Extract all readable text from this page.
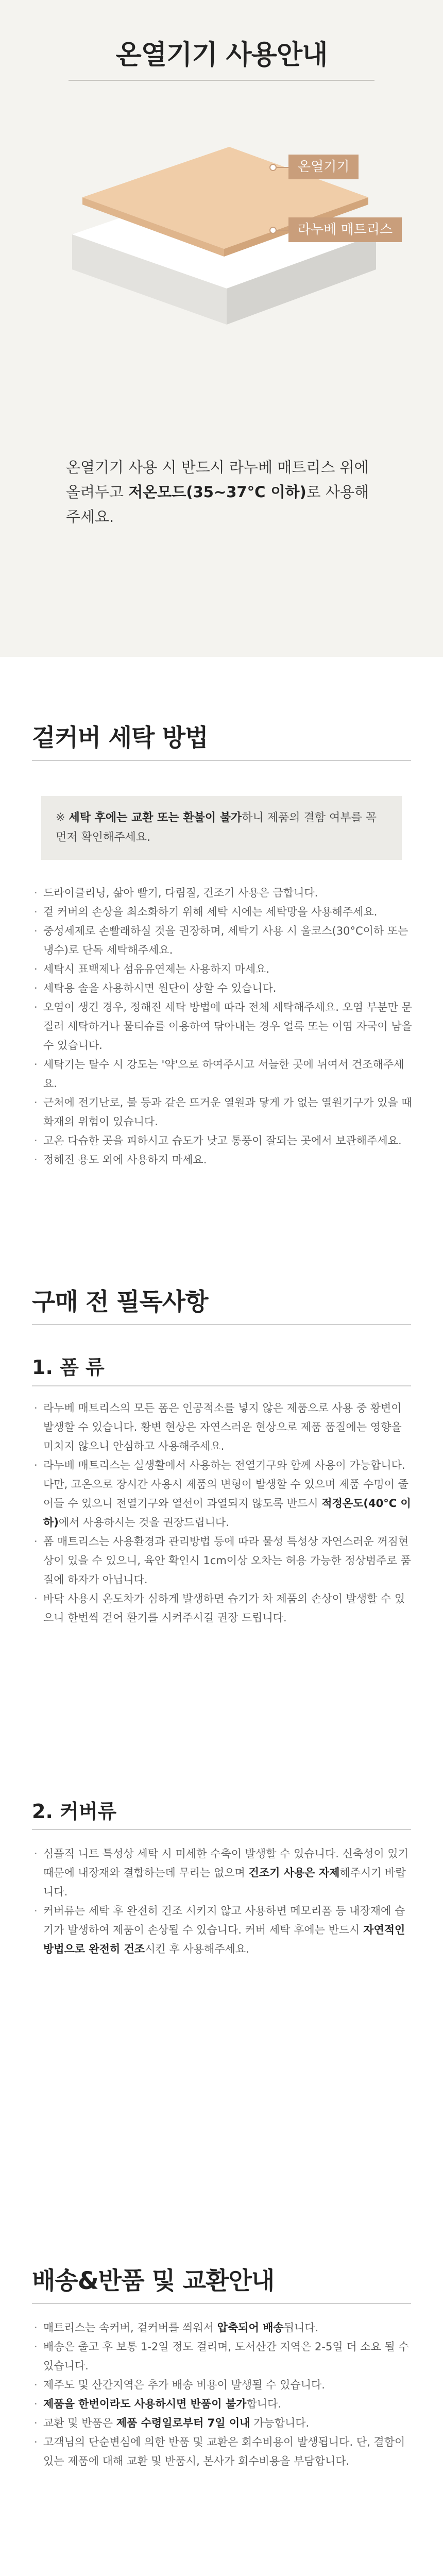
온열기기 사용안내
온열기기
라누베 매트리스

온열기기 사용 시 반드시 라누베 매트리스 위에 올려두고 저온모드(35~37°C 이하)로 사용해주세요.

겉커버 세탁 방법
※ 세탁 후에는 교환 또는 환불이 불가하니 제품의 결함 여부를 꼭 먼저 확인해주세요.
· 드라이클리닝, 삶아 빨기, 다림질, 건조기 사용은 금합니다.
· 겉 커버의 손상을 최소화하기 위해 세탁 시에는 세탁망을 사용해주세요.
· 중성세제로 손빨래하실 것을 권장하며, 세탁기 사용 시 울코스(30°C이하 또는 냉수)로 단독 세탁해주세요.
· 세탁시 표백제나 섬유유연제는 사용하지 마세요.
· 세탁용 솔을 사용하시면 원단이 상할 수 있습니다.
· 오염이 생긴 경우, 정해진 세탁 방법에 따라 전체 세탁해주세요. 오염 부분만 문질러 세탁하거나 물티슈를 이용하여 닦아내는 경우 얼룩 또는 이염 자국이 남을 수 있습니다.
· 세탁기는 탈수 시 강도는 '약'으로 하여주시고 서늘한 곳에 뉘여서 건조해주세요.
· 근처에 전기난로, 불 등과 같은 뜨거운 열원과 닿게 가 없는 열원기구가 있을 때 화재의 위험이 있습니다.
· 고온 다습한 곳을 피하시고 습도가 낮고 통풍이 잘되는 곳에서 보관해주세요.
· 정해진 용도 외에 사용하지 마세요.
구매 전 필독사항
1. 폼 류
· 라누베 매트리스의 모든 폼은 인공적소를 넣지 않은 제품으로 사용 중 황변이 발생할 수 있습니다. 황변 현상은 자연스러운 현상으로 제품 품질에는 영향을 미치지 않으니 안심하고 사용해주세요.
· 라누베 매트리스는 실생활에서 사용하는 전열기구와 함께 사용이 가능합니다. 다만, 고온으로 장시간 사용시 제품의 변형이 발생할 수 있으며 제품 수명이 줄어들 수 있으니 전열기구와 열선이 과열되지 않도록 반드시 적정온도(40°C 이하)에서 사용하시는 것을 권장드립니다.
· 폼 매트리스는 사용환경과 관리방법 등에 따라 물성 특성상 자연스러운 꺼짐현상이 있을 수 있으니, 육안 확인시 1cm이상 오차는 허용 가능한 정상범주로 품질에 하자가 아닙니다.
· 바닥 사용시 온도차가 심하게 발생하면 습기가 차 제품의 손상이 발생할 수 있으니 한번씩 걷어 환기를 시켜주시길 권장 드립니다.
2. 커버류
· 심플직 니트 특성상 세탁 시 미세한 수축이 발생할 수 있습니다. 신축성이 있기 때문에 내장재와 결합하는데 무리는 없으며 건조기 사용은 자제해주시기 바랍니다.
· 커버류는 세탁 후 완전히 건조 시키지 않고 사용하면 메모리폼 등 내장재에 습기가 발생하여 제품이 손상될 수 있습니다. 커버 세탁 후에는 반드시 자연적인 방법으로 완전히 건조시킨 후 사용해주세요.
배송&반품 및 교환안내
· 매트리스는 속커버, 겉커버를 씌워서 압축되어 배송됩니다.
· 배송은 출고 후 보통 1-2일 정도 걸리며, 도서산간 지역은 2-5일 더 소요 될 수 있습니다.
· 제주도 및 산간지역은 추가 배송 비용이 발생될 수 있습니다.
· 제품을 한번이라도 사용하시면 반품이 불가합니다.
· 교환 및 반품은 제품 수령일로부터 7일 이내 가능합니다.
· 고객님의 단순변심에 의한 반품 및 교환은 회수비용이 발생됩니다. 단, 결함이 있는 제품에 대해 교환 및 반품시, 본사가 회수비용을 부담합니다.
